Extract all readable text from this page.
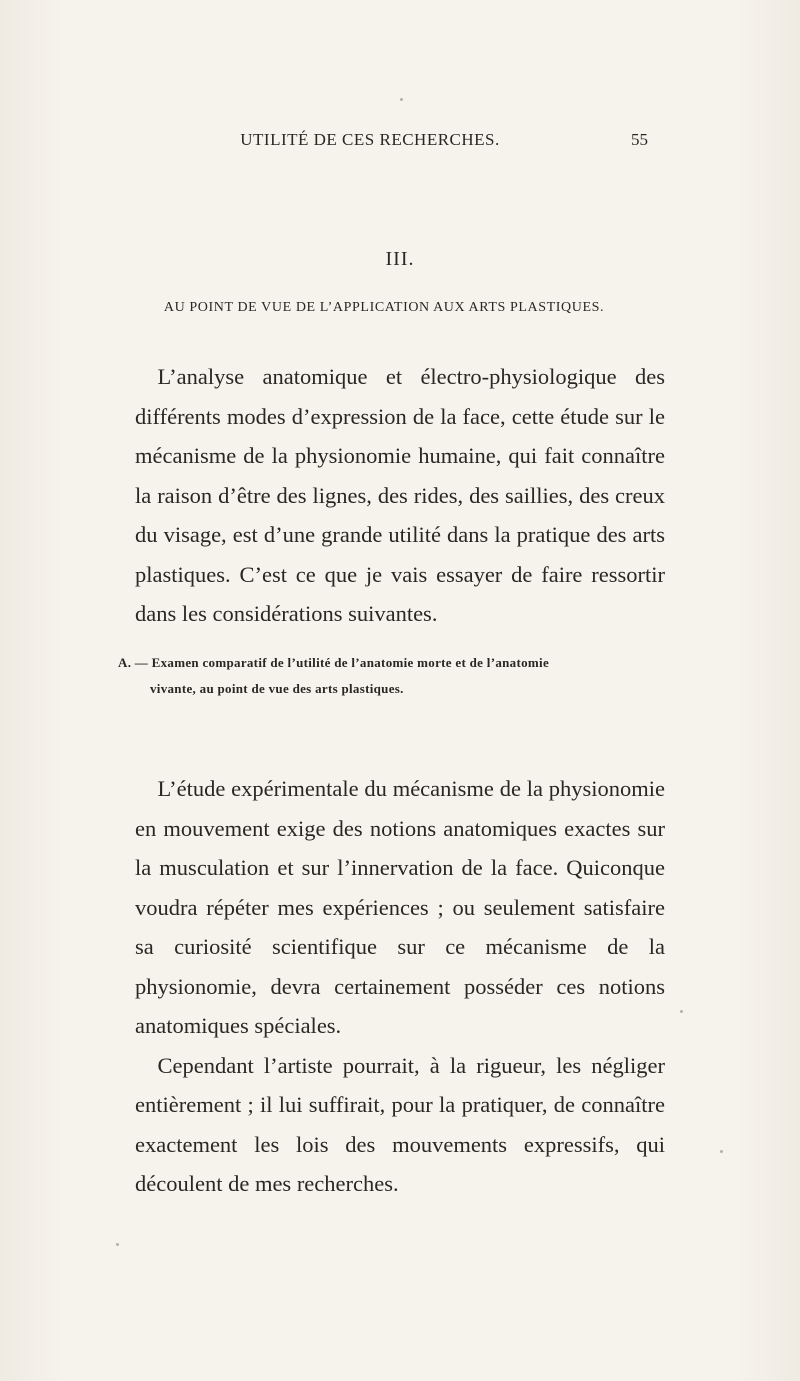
UTILITÉ DE CES RECHERCHES.	55
III.
AU POINT DE VUE DE L’APPLICATION AUX ARTS PLASTIQUES.

L’analyse anatomique et électro-physiologique des différents modes d’expression de la face, cette étude sur le mécanisme de la physionomie humaine, qui fait connaître la raison d’être des lignes, des rides, des saillies, des creux du visage, est d’une grande utilité dans la pratique des arts plastiques. C’est ce que je vais essayer de faire ressortir dans les considérations suivantes.

A. — Examen comparatif de l’utilité de l’anatomie morte et de l’anatomie
vivante, au point de vue des arts plastiques.

L’étude expérimentale du mécanisme de la physionomie en mouvement exige des notions anatomiques exactes sur la musculation et sur l’innervation de la face. Quiconque voudra répéter mes expériences ; ou seulement satisfaire sa curiosité scientifique sur ce mécanisme de la physionomie, devra certainement posséder ces notions anatomiques spéciales.

Cependant l’artiste pourrait, à la rigueur, les négliger entièrement ; il lui suffirait, pour la pratiquer, de connaître exactement les lois des mouvements expressifs, qui découlent de mes recherches.
